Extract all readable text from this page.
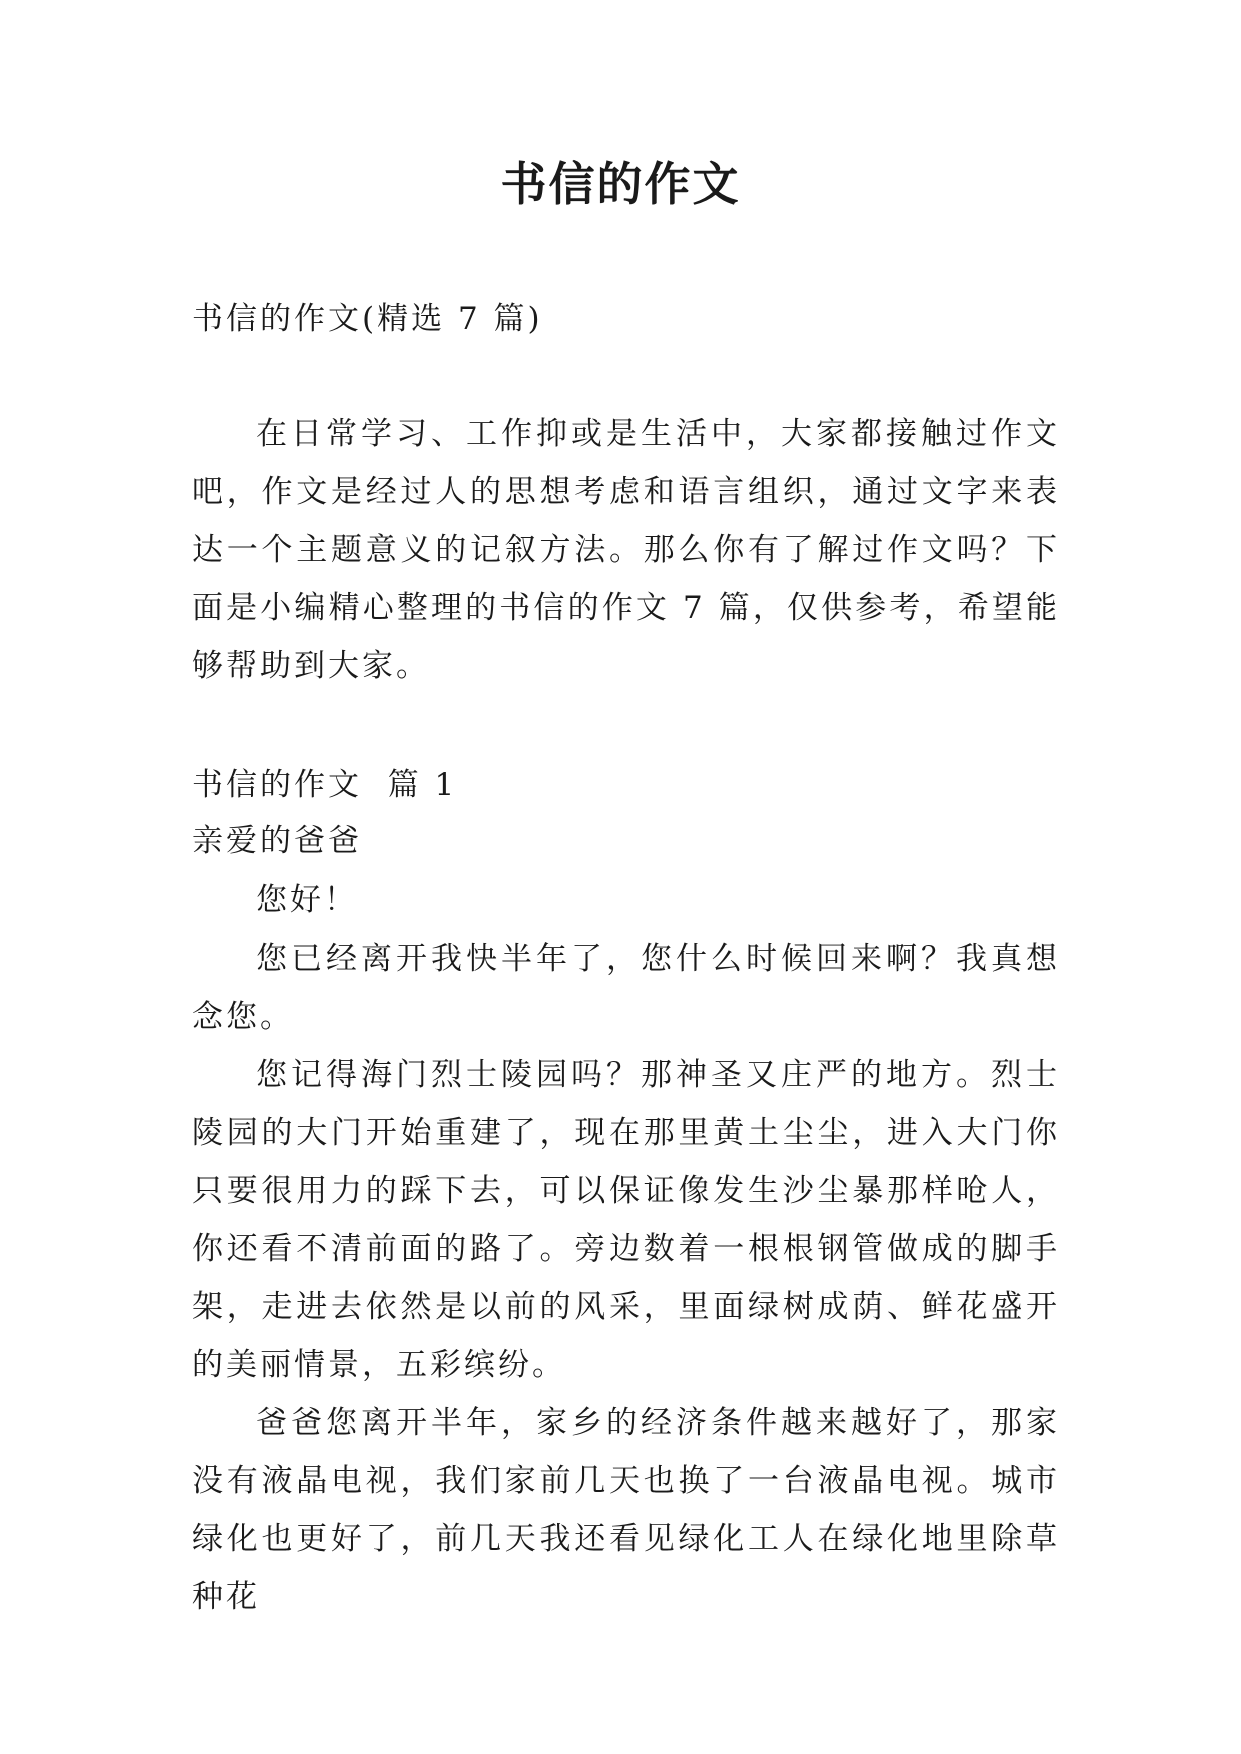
书信的作文

书信的作文(精选 7 篇)

在日常学习、工作抑或是生活中，大家都接触过作文吧，作文是经过人的思想考虑和语言组织，通过文字来表达一个主题意义的记叙方法。那么你有了解过作文吗？下面是小编精心整理的书信的作文 7 篇，仅供参考，希望能够帮助到大家。

书信的作文  篇 1

亲爱的爸爸

您好！

您已经离开我快半年了，您什么时候回来啊？我真想念您。

您记得海门烈士陵园吗？那神圣又庄严的地方。烈士陵园的大门开始重建了，现在那里黄土尘尘，进入大门你只要很用力的踩下去，可以保证像发生沙尘暴那样呛人，你还看不清前面的路了。旁边数着一根根钢管做成的脚手架，走进去依然是以前的风采，里面绿树成荫、鲜花盛开的美丽情景，五彩缤纷。

爸爸您离开半年，家乡的经济条件越来越好了，那家没有液晶电视，我们家前几天也换了一台液晶电视。城市绿化也更好了，前几天我还看见绿化工人在绿化地里除草种花
